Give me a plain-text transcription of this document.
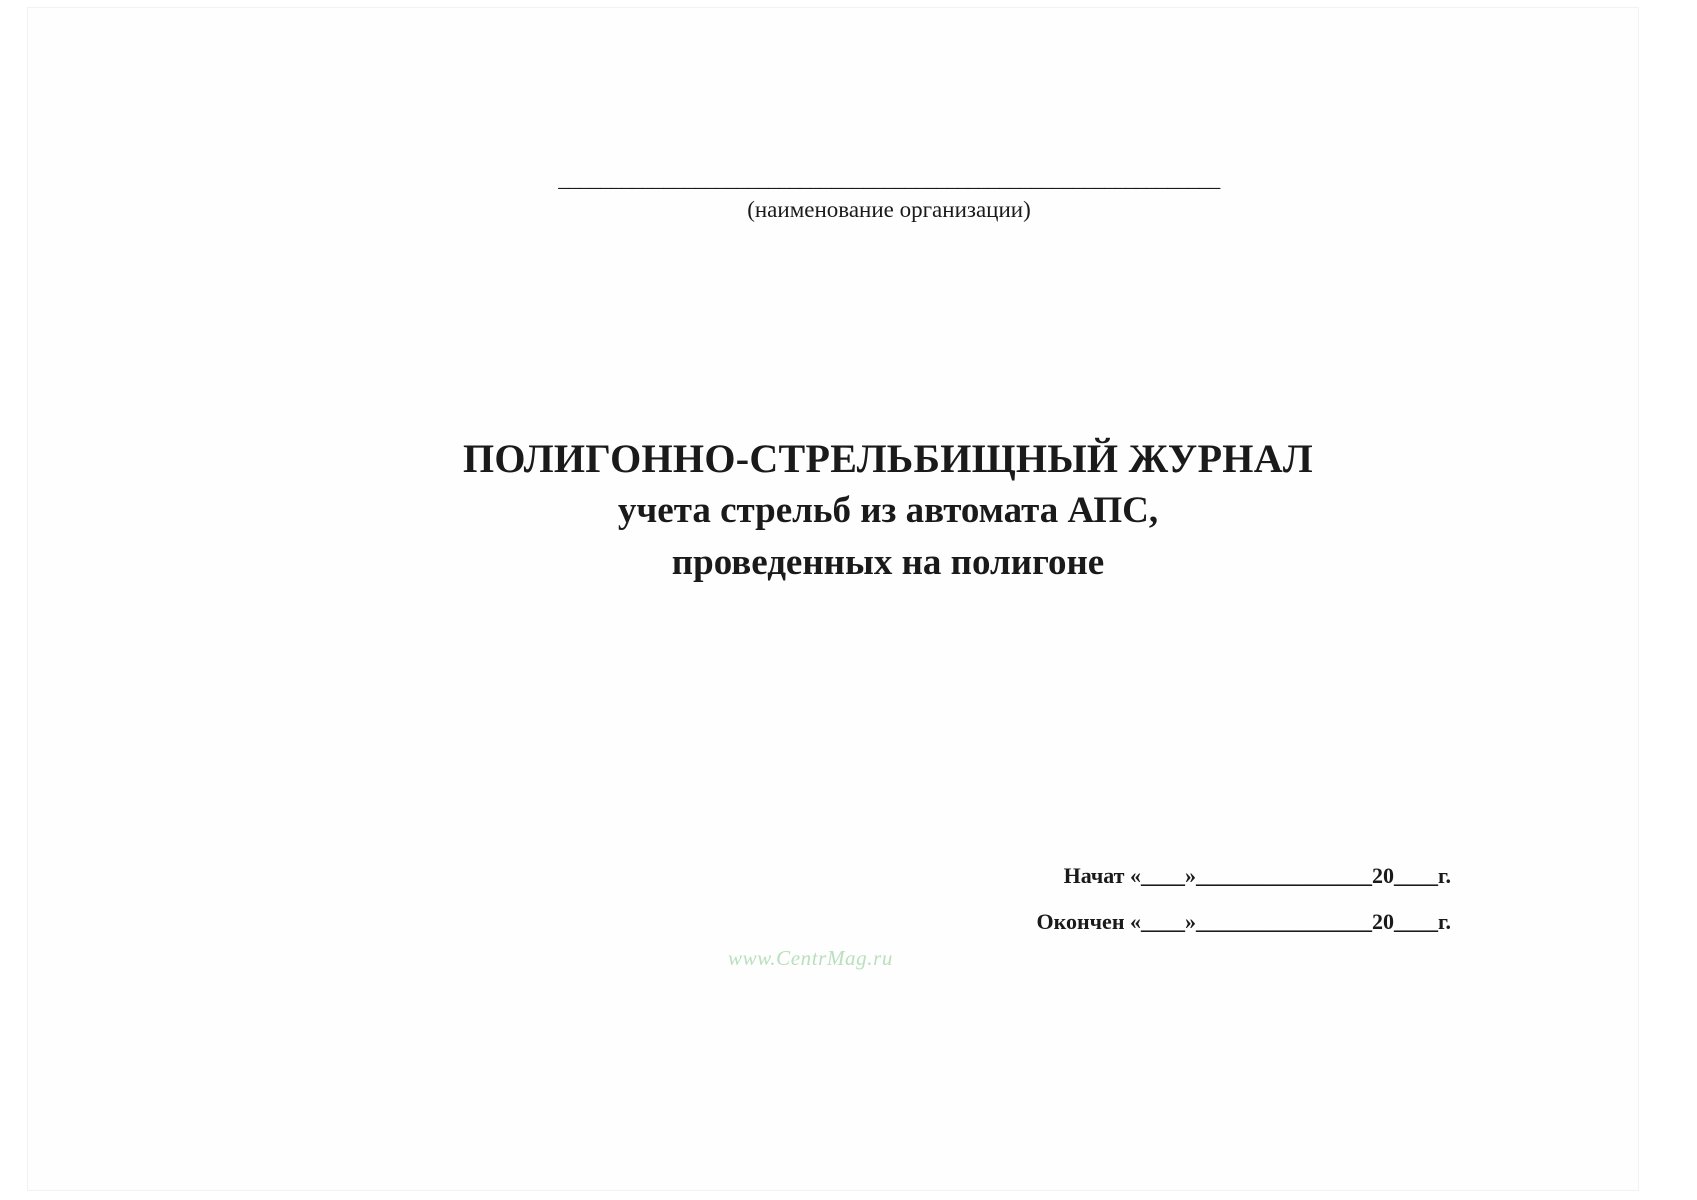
_______________________________________________________________
(наименование организации)
ПОЛИГОННО-СТРЕЛЬБИЩНЫЙ ЖУРНАЛ
учета стрельб из автомата АПС,
проведенных на полигоне
Начат «____»________________20____г.
Окончен «____»________________20____г.
www.CentrMag.ru
